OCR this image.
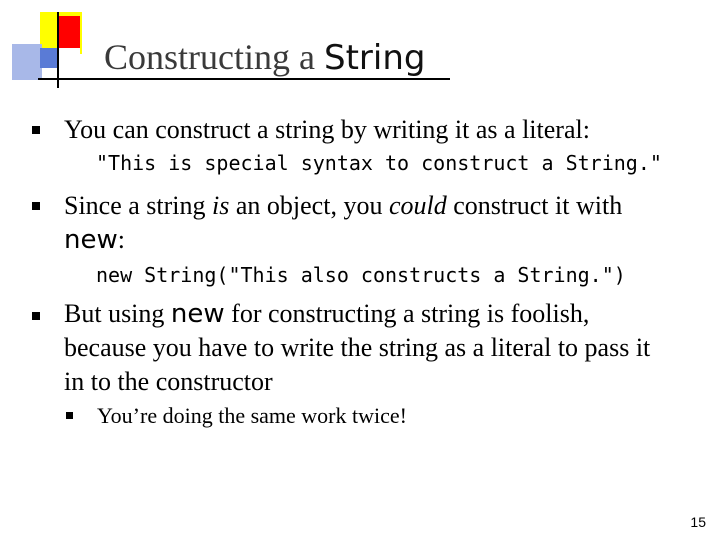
Constructing a String

You can construct a string by writing it as a literal:

"This is special syntax to construct a String."

Since a string is an object, you could construct it with
new:

new String("This also constructs a String.")

But using new for constructing a string is foolish,
because you have to write the string as a literal to pass it
in to the constructor

You’re doing the same work twice!

15
